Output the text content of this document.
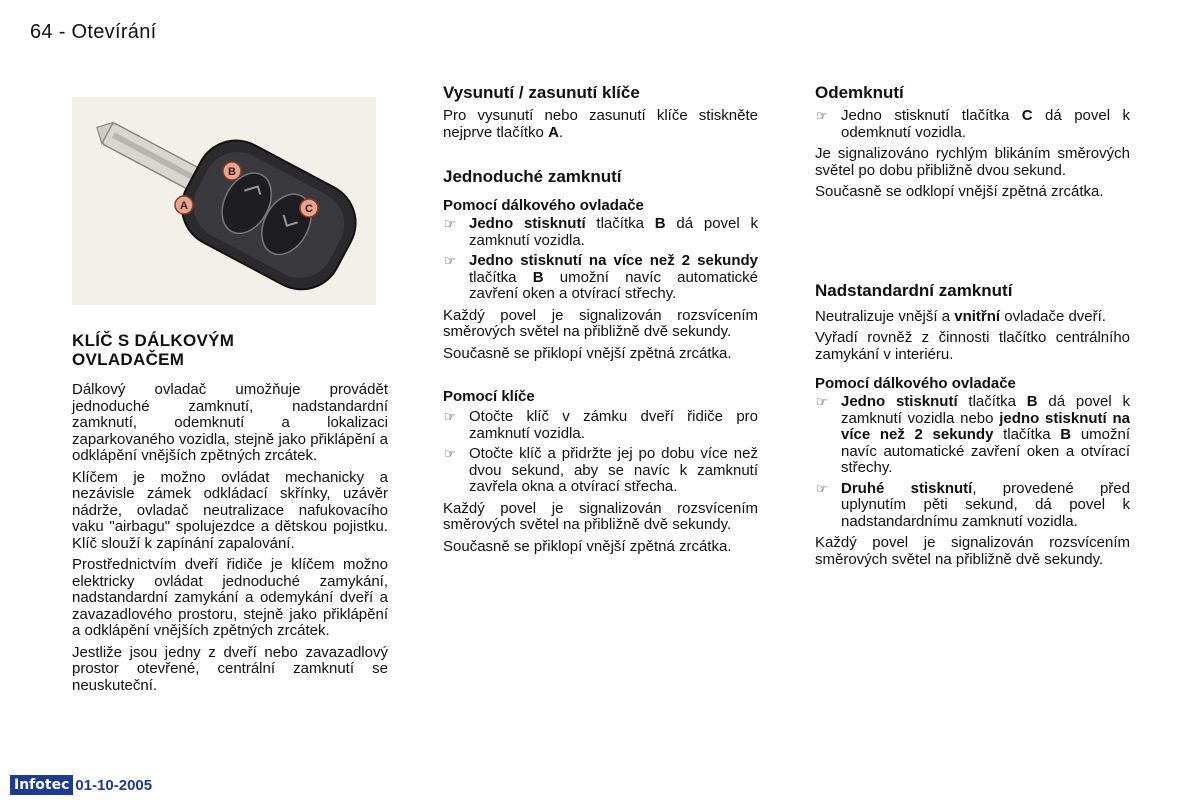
64 - Otevírání
A
B
C
KLÍČ S DÁLKOVÝM OVLADAČEM

Dálkový ovladač umožňuje provádět jednoduché zamknutí, nadstandardní zamknutí, odemknutí a lokalizaci zaparkovaného vozidla, stejně jako přiklápění a odklápění vnějších zpětných zrcátek.

Klíčem je možno ovládat mechanicky a nezávisle zámek odkládací skřínky, uzávěr nádrže, ovladač neutralizace nafukovacího vaku "airbagu" spolujezdce a dětskou pojistku. Klíč slouží k zapínání zapalování.

Prostřednictvím dveří řidiče je klíčem možno elektricky ovládat jednoduché zamykání, nadstandardní zamykání a odemykání dveří a zavazadlového prostoru, stejně jako přiklápění a odklápění vnějších zpětných zrcátek.

Jestliže jsou jedny z dveří nebo zavazadlový prostor otevřené, centrální zamknutí se neuskuteční.

Vysunutí / zasunutí klíče

Pro vysunutí nebo zasunutí klíče stiskněte nejprve tlačítko A.

Jednoduché zamknutí
Pomocí dálkového ovladače
☞ Jedno stisknutí tlačítka B dá povel k zamknutí vozidla.
☞ Jedno stisknutí na více než 2 sekundy tlačítka B umožní navíc automatické zavření oken a otvírací střechy.

Každý povel je signalizován rozsvícením směrových světel na přibližně dvě sekundy.

Současně se přiklopí vnější zpětná zrcátka.

Pomocí klíče
☞ Otočte klíč v zámku dveří řidiče pro zamknutí vozidla.
☞ Otočte klíč a přidržte jej po dobu více než dvou sekund, aby se navíc k zamknutí zavřela okna a otvírací střecha.

Každý povel je signalizován rozsvícením směrových světel na přibližně dvě sekundy.

Současně se přiklopí vnější zpětná zrcátka.

Odemknutí
☞ Jedno stisknutí tlačítka C dá povel k odemknutí vozidla.

Je signalizováno rychlým blikáním směrových světel po dobu přibližně dvou sekund.

Současně se odklopí vnější zpětná zrcátka.

Nadstandardní zamknutí

Neutralizuje vnější a vnitřní ovladače dveří.

Vyřadí rovněž z činnosti tlačítko centrálního zamykání v interiéru.

Pomocí dálkového ovladače
☞ Jedno stisknutí tlačítka B dá povel k zamknutí vozidla nebo jedno stisknutí na více než 2 sekundy tlačítka B umožní navíc automatické zavření oken a otvírací střechy.
☞ Druhé stisknutí, provedené před uplynutím pěti sekund, dá povel k nadstandardnímu zamknutí vozidla.

Každý povel je signalizován rozsvícením směrových světel na přibližně dvě sekundy.

Infotec 01-10-2005
